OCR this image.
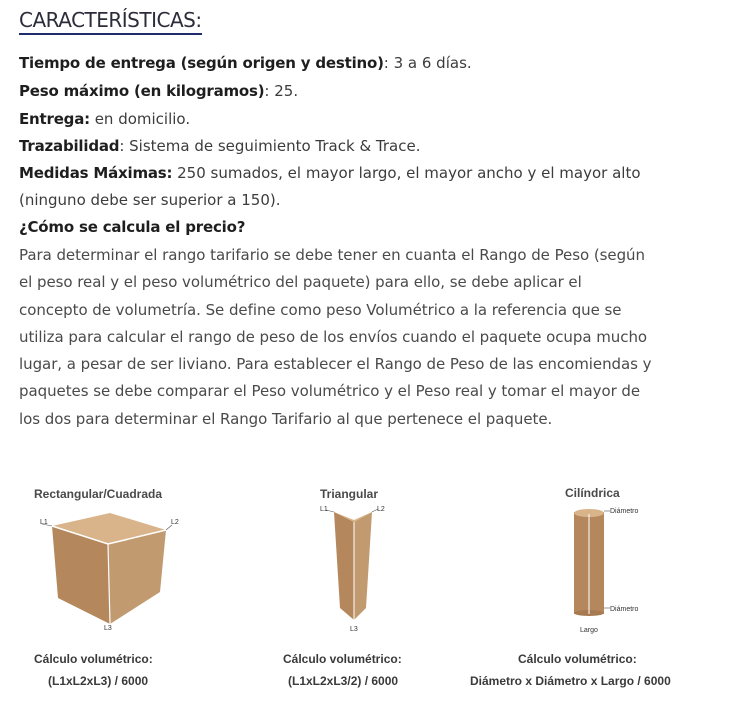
CARACTERÍSTICAS:
Tiempo de entrega (según origen y destino): 3 a 6 días.
Peso máximo (en kilogramos): 25.
Entrega: en domicilio.
Trazabilidad: Sistema de seguimiento Track & Trace.
Medidas Máximas: 250 sumados, el mayor largo, el mayor ancho y el mayor alto
(ninguno debe ser superior a 150).
¿Cómo se calcula el precio?
Para determinar el rango tarifario se debe tener en cuanta el Rango de Peso (según
el peso real y el peso volumétrico del paquete) para ello, se debe aplicar el
concepto de volumetría. Se define como peso Volumétrico a la referencia que se
utiliza para calcular el rango de peso de los envíos cuando el paquete ocupa mucho
lugar, a pesar de ser liviano. Para establecer el Rango de Peso de las encomiendas y
paquetes se debe comparar el Peso volumétrico y el Peso real y tomar el mayor de
los dos para determinar el Rango Tarifario al que pertenece el paquete.
Rectangular/Cuadrada	Triangular	Cilíndrica
L1	L2
L3
L1	L2
L3
Diámetro
Diámetro
Largo
Cálculo volumétrico:
(L1xL2xL3) / 6000
Cálculo volumétrico:
(L1xL2xL3/2) / 6000
Cálculo volumétrico:
Diámetro x Diámetro x Largo / 6000
